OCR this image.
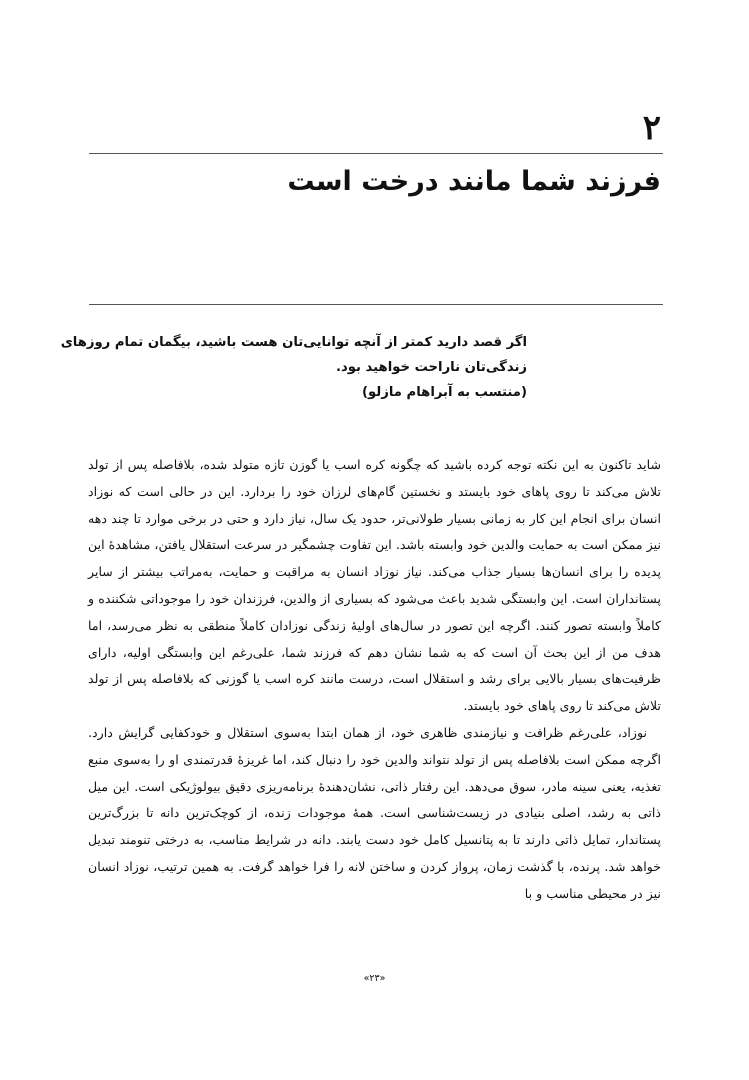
۲
فرزند شما مانند درخت است
اگر قصد دارید کمتر از آنچه توانایی‌تان هست باشید، بیگمان تمام روزهای
زندگی‌تان ناراحت خواهید بود.
(منتسب به آبراهام مازلو)

شاید تاکنون به این نکته توجه کرده باشید که چگونه کره اسب یا گوزن تازه متولد شده، بلافاصله پس از تولد تلاش می‌کند تا روی پاهای خود بایستد و نخستین گام‌های لرزان خود را بردارد. این در حالی است که نوزاد انسان برای انجام این کار به زمانی بسیار طولانی‌تر، حدود یک سال، نیاز دارد و حتی در برخی موارد تا چند دهه نیز ممکن است به حمایت والدین خود وابسته باشد. این تفاوت چشمگیر در سرعت استقلال یافتن، مشاهدهٔ این پدیده را برای انسان‌ها بسیار جذاب می‌کند. نیاز نوزاد انسان به مراقبت و حمایت، به‌مراتب بیشتر از سایر پستانداران است. این وابستگی شدید باعث می‌شود که بسیاری از والدین، فرزندان خود را موجوداتی شکننده و کاملاً وابسته تصور کنند. اگرچه این تصور در سال‌های اولیهٔ زندگی نوزادان کاملاً منطقی به نظر می‌رسد، اما هدف من از این بحث آن است که به شما نشان دهم که فرزند شما، علی‌رغم این وابستگی اولیه، دارای ظرفیت‌های بسیار بالایی برای رشد و استقلال است، درست مانند کره اسب یا گوزنی که بلافاصله پس از تولد تلاش می‌کند تا روی پاهای خود بایستد.

نوزاد، علی‌رغم ظرافت و نیازمندی ظاهری خود، از همان ابتدا به‌سوی استقلال و خودکفایی گرایش دارد. اگرچه ممکن است بلافاصله پس از تولد نتواند والدین خود را دنبال کند، اما غریزهٔ قدرتمندی او را به‌سوی منبع تغذیه، یعنی سینه مادر، سوق می‌دهد. این رفتار ذاتی، نشان‌دهندهٔ برنامه‌ریزی دقیق بیولوژیکی است. این میل ذاتی به رشد، اصلی بنیادی در زیست‌شناسی است. همهٔ موجودات زنده، از کوچک‌ترین دانه تا بزرگ‌ترین پستاندار، تمایل ذاتی دارند تا به پتانسیل کامل خود دست یابند. دانه در شرایط مناسب، به درختی تنومند تبدیل خواهد شد. پرنده، با گذشت زمان، پرواز کردن و ساختن لانه را فرا خواهد گرفت. به همین ترتیب، نوزاد انسان نیز در محیطی مناسب و با

«۲۳»
